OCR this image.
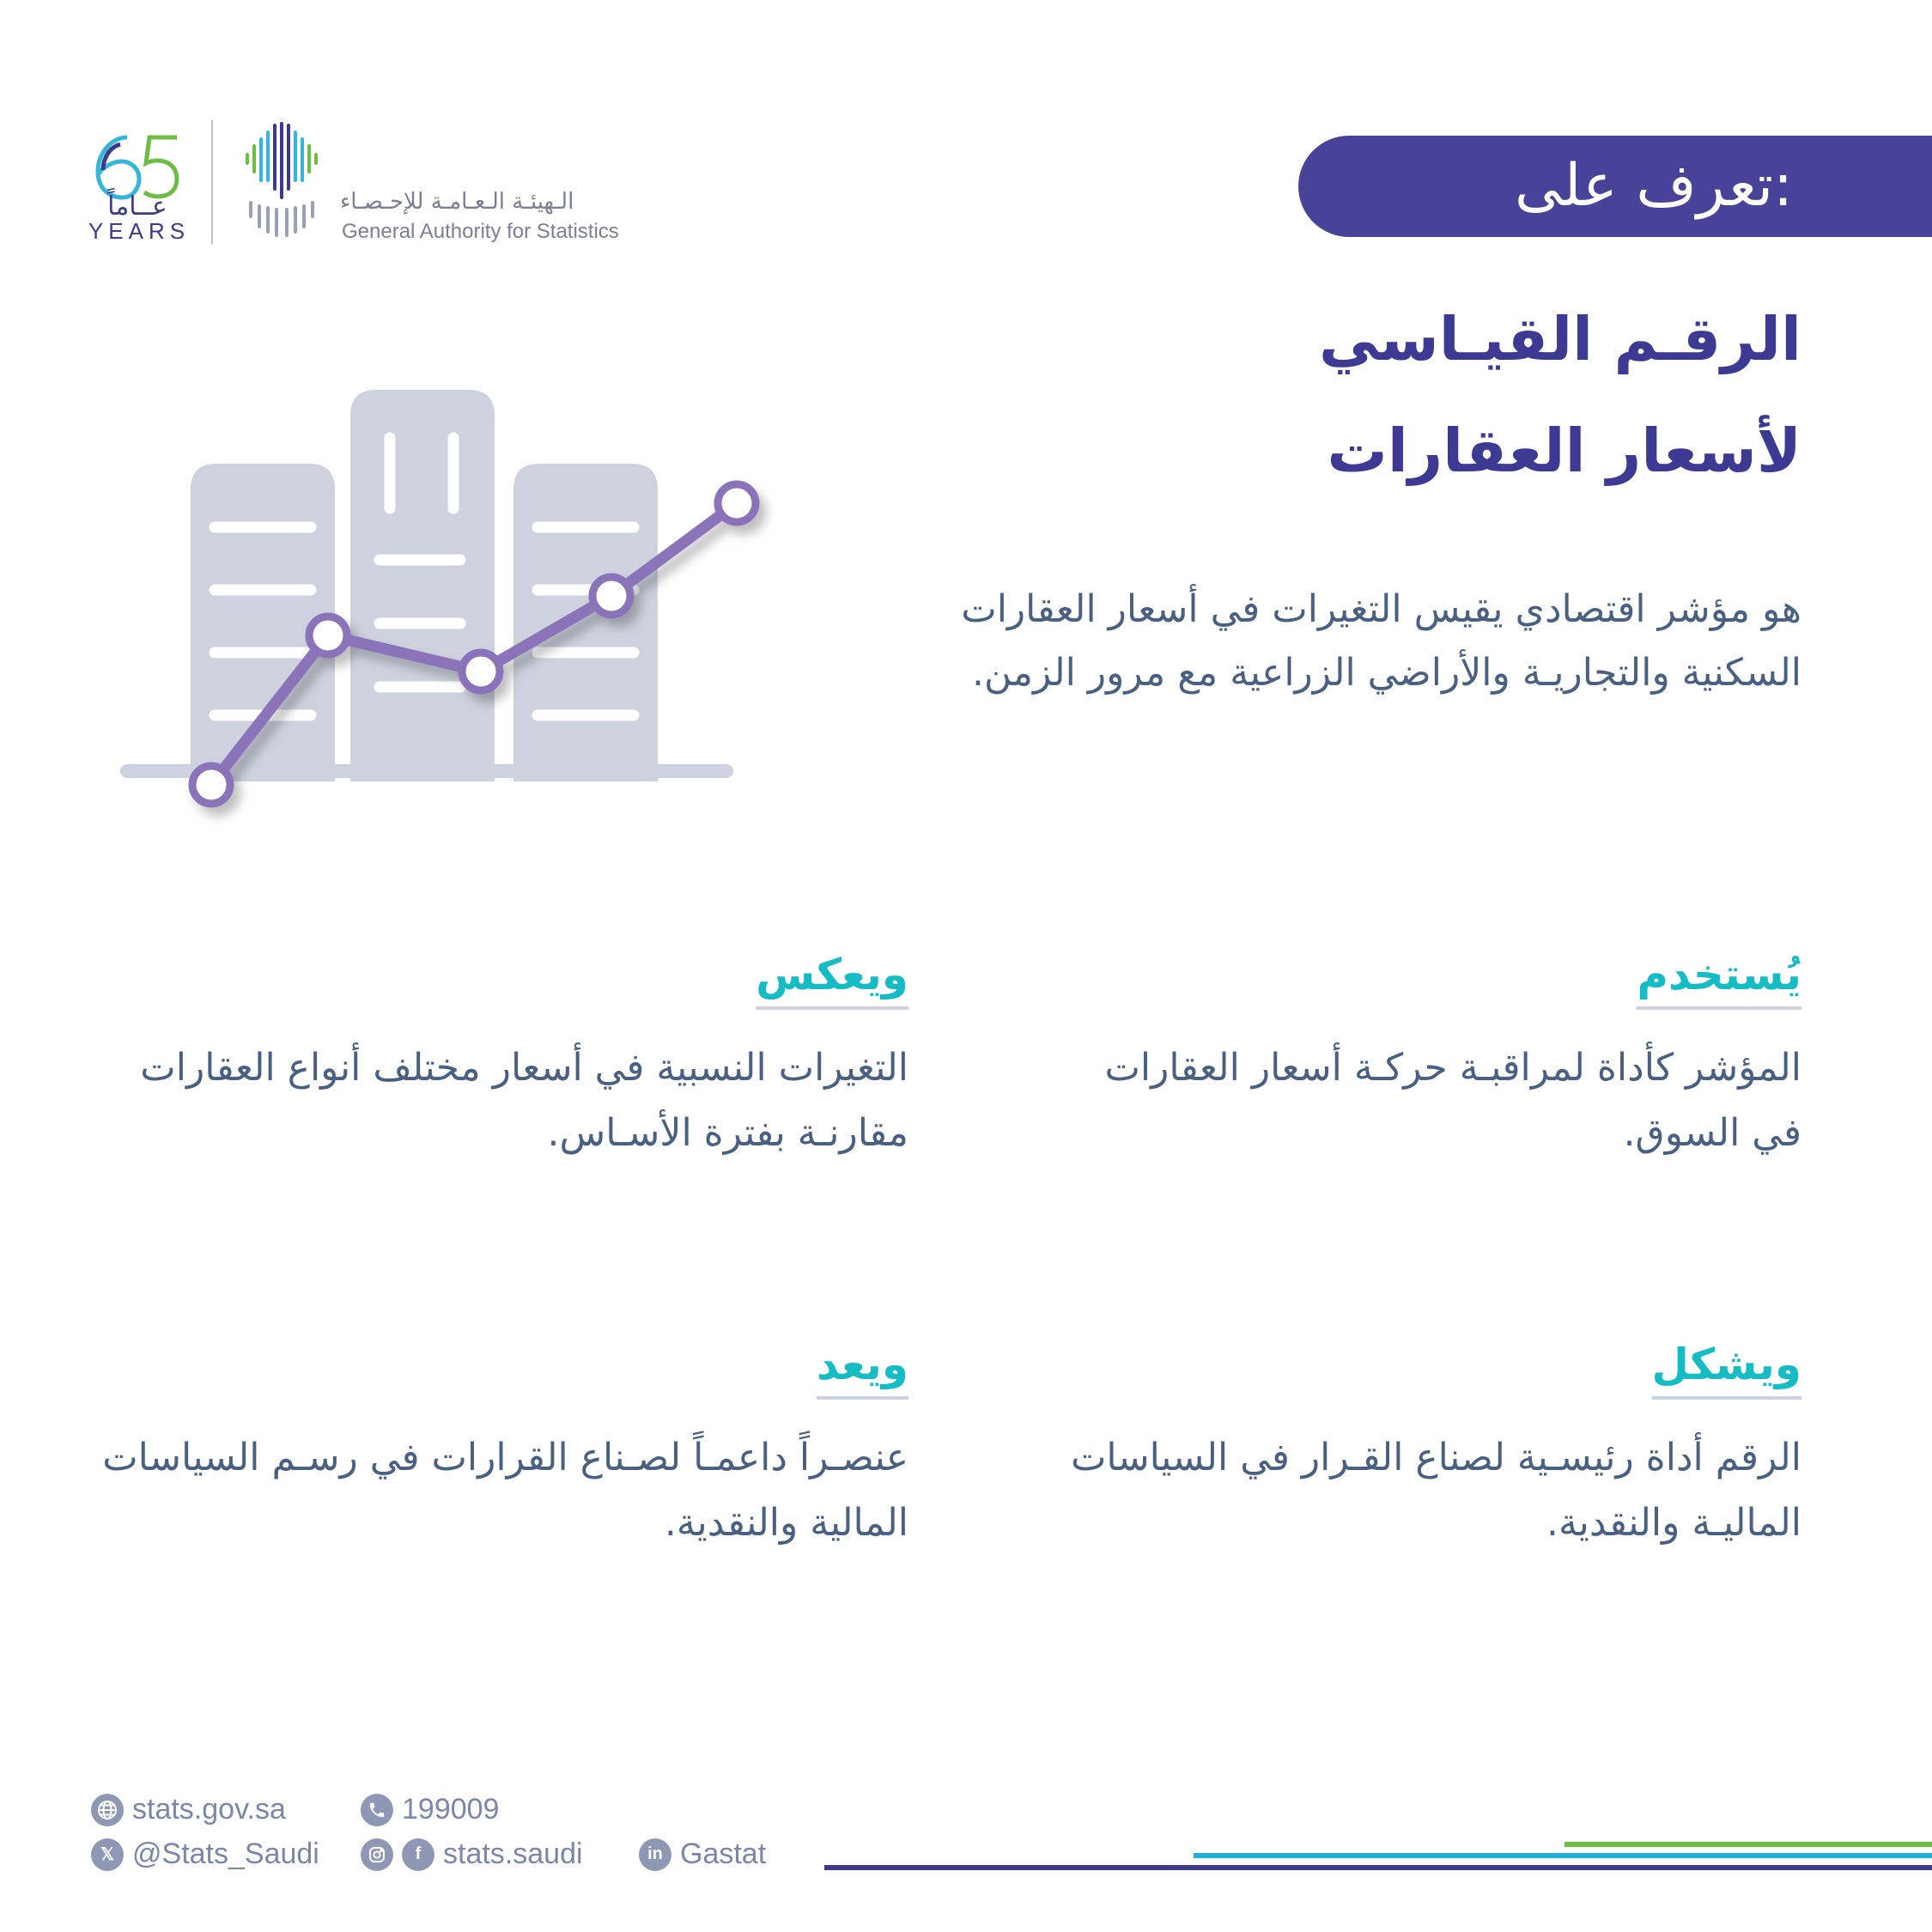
تعرف على:
عــاماً
YEARS
الـهيئـة الـعـامـة للإحـصـاء
General Authority for Statistics
الرقـم القيـاسي
لأسعار العقارات
هو مؤشر اقتصادي يقيس التغيرات في أسعار العقارات
السكنية والتجاريـة والأراضي الزراعية مع مرور الزمن.
يُستخدم
المؤشر كأداة لمراقبـة حركـة أسعار العقارات
في السوق.
ويعكس
التغيرات النسبية في أسعار مختلف أنواع العقارات
مقارنـة بفترة الأسـاس.
ويشكل
الرقم أداة رئيسـية لصناع القـرار في السياسات
الماليـة والنقدية.
ويعد
عنصـراً داعمـاً لصـناع القرارات في رسـم السياسات
المالية والنقدية.
stats.gov.sa	199009
𝕏 @Stats_Saudi	f stats.saudi	in Gastat
